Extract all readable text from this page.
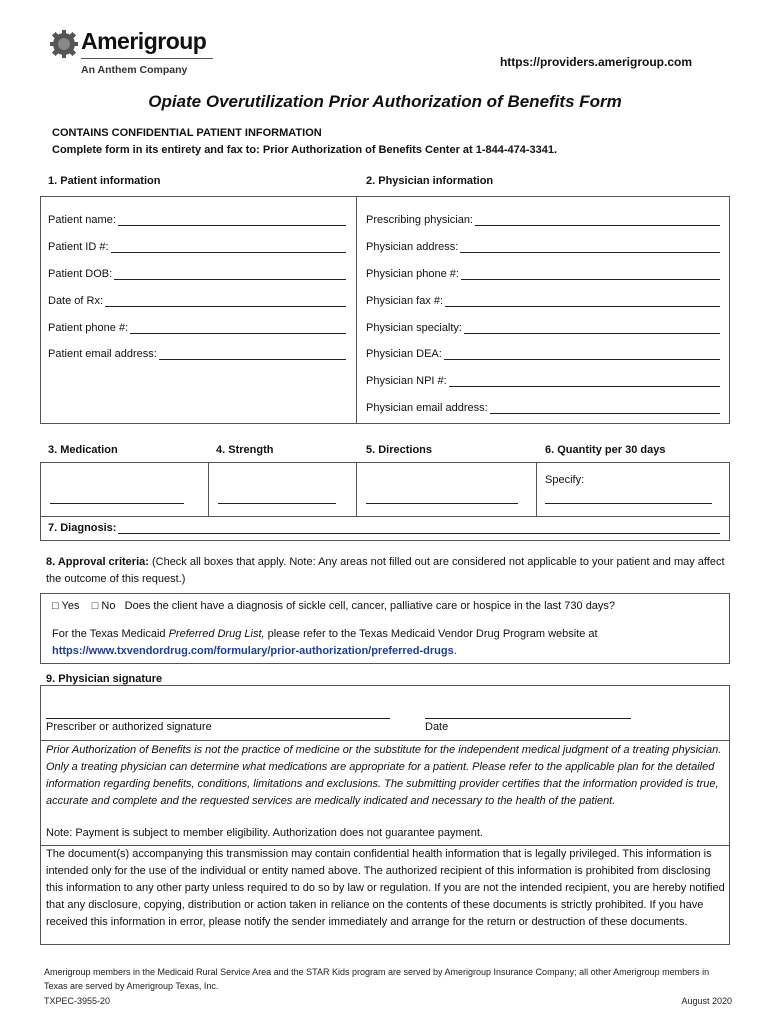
Amerigroup
An Anthem Company
https://providers.amerigroup.com
Opiate Overutilization Prior Authorization of Benefits Form
CONTAINS CONFIDENTIAL PATIENT INFORMATION
Complete form in its entirety and fax to: Prior Authorization of Benefits Center at 1-844-474-3341.
1. Patient information	2. Physician information
Patient name:
Patient ID #:
Patient DOB:
Date of Rx:
Patient phone #:
Patient email address:
Prescribing physician:
Physician address:
Physician phone #:
Physician fax #:
Physician specialty:
Physician DEA:
Physician NPI #:
Physician email address:
3. Medication	4. Strength	5. Directions	6. Quantity per 30 days
Specify:
7. Diagnosis:
8. Approval criteria: (Check all boxes that apply. Note: Any areas not filled out are considered not applicable to your patient and may affect the outcome of this request.)
□ Yes □ No Does the client have a diagnosis of sickle cell, cancer, palliative care or hospice in the last 730 days?
For the Texas Medicaid Preferred Drug List, please refer to the Texas Medicaid Vendor Drug Program website at
https://www.txvendordrug.com/formulary/prior-authorization/preferred-drugs.
9. Physician signature
Prescriber or authorized signature	Date
Prior Authorization of Benefits is not the practice of medicine or the substitute for the independent medical judgment of a treating physician. Only a treating physician can determine what medications are appropriate for a patient. Please refer to the applicable plan for the detailed information regarding benefits, conditions, limitations and exclusions. The submitting provider certifies that the information provided is true, accurate and complete and the requested services are medically indicated and necessary to the health of the patient.
Note: Payment is subject to member eligibility. Authorization does not guarantee payment.
The document(s) accompanying this transmission may contain confidential health information that is legally privileged. This information is intended only for the use of the individual or entity named above. The authorized recipient of this information is prohibited from disclosing this information to any other party unless required to do so by law or regulation. If you are not the intended recipient, you are hereby notified that any disclosure, copying, distribution or action taken in reliance on the contents of these documents is strictly prohibited. If you have received this information in error, please notify the sender immediately and arrange for the return or destruction of these documents.
Amerigroup members in the Medicaid Rural Service Area and the STAR Kids program are served by Amerigroup Insurance Company; all other Amerigroup members in Texas are served by Amerigroup Texas, Inc.
TXPEC-3955-20	August 2020
